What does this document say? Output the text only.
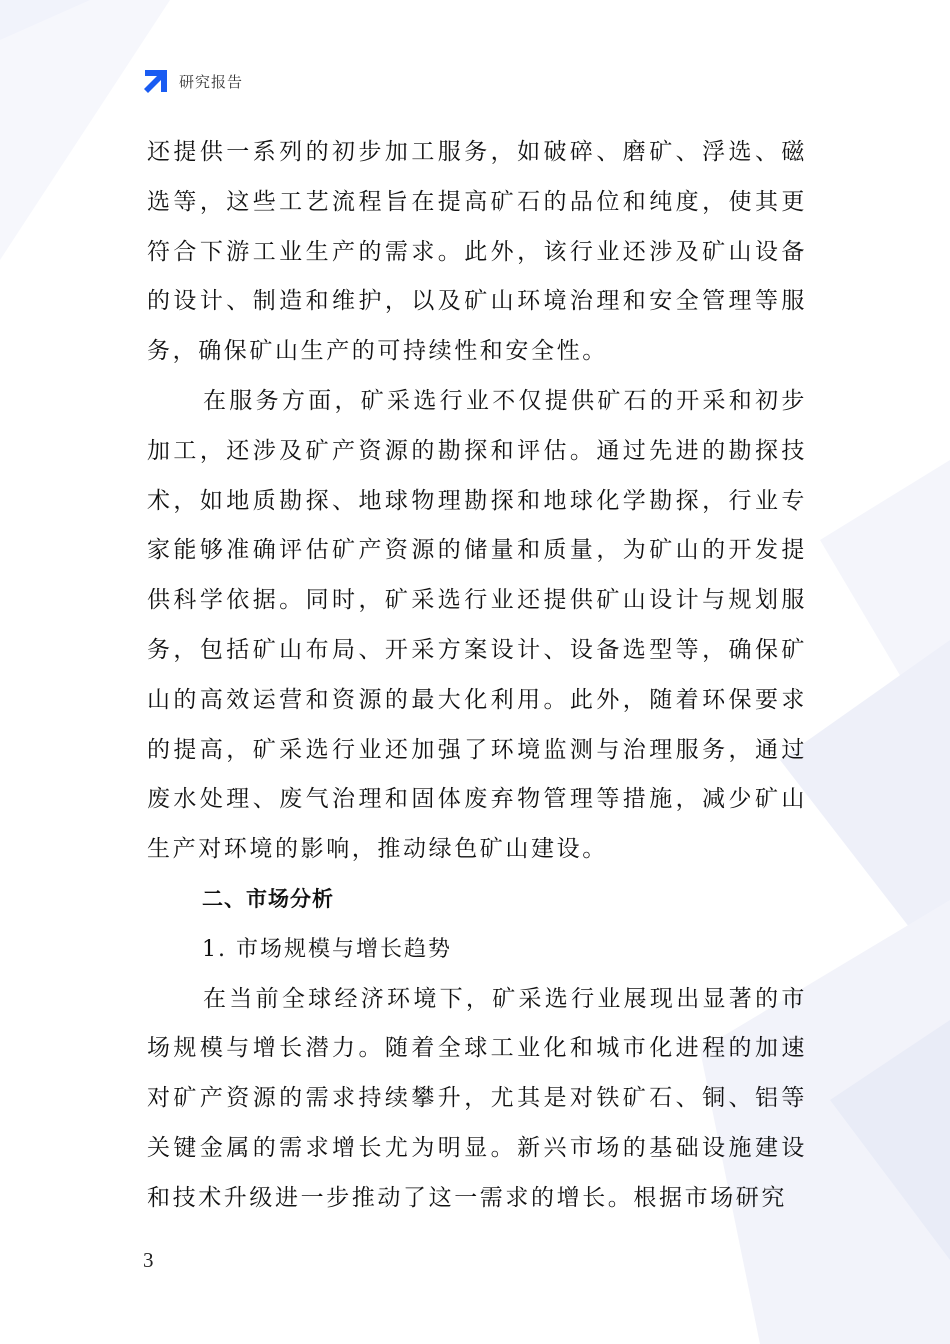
研究报告

还提供一系列的初步加工服务，如破碎、磨矿、浮选、磁选等，这些工艺流程旨在提高矿石的品位和纯度，使其更符合下游工业生产的需求。此外，该行业还涉及矿山设备的设计、制造和维护，以及矿山环境治理和安全管理等服务，确保矿山生产的可持续性和安全性。

在服务方面，矿采选行业不仅提供矿石的开采和初步加工，还涉及矿产资源的勘探和评估。通过先进的勘探技术，如地质勘探、地球物理勘探和地球化学勘探，行业专家能够准确评估矿产资源的储量和质量，为矿山的开发提供科学依据。同时，矿采选行业还提供矿山设计与规划服务，包括矿山布局、开采方案设计、设备选型等，确保矿山的高效运营和资源的最大化利用。此外，随着环保要求的提高，矿采选行业还加强了环境监测与治理服务，通过废水处理、废气治理和固体废弃物管理等措施，减少矿山生产对环境的影响，推动绿色矿山建设。

二、市场分析

1. 市场规模与增长趋势

在当前全球经济环境下，矿采选行业展现出显著的市场规模与增长潜力。随着全球工业化和城市化进程的加速对矿产资源的需求持续攀升，尤其是对铁矿石、铜、铝等关键金属的需求增长尤为明显。新兴市场的基础设施建设和技术升级进一步推动了这一需求的增长。根据市场研究

3
